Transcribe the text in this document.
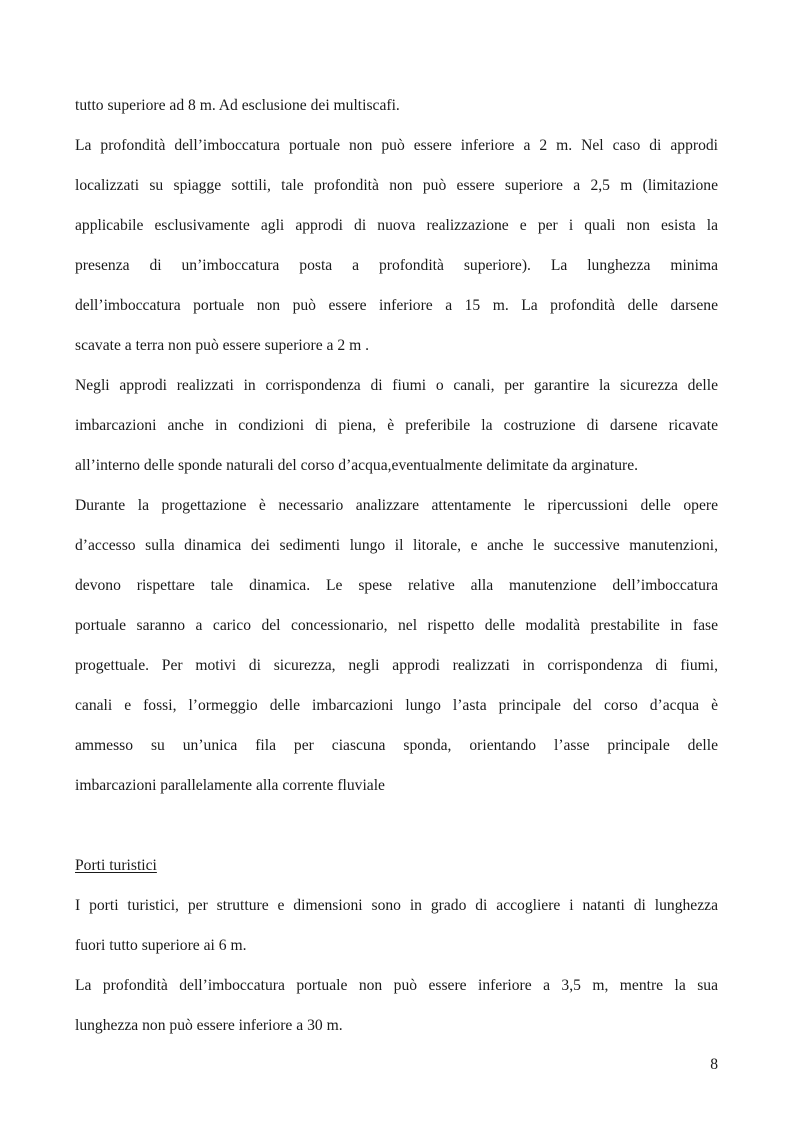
tutto superiore ad 8 m. Ad esclusione dei multiscafi.
La profondità dell’imboccatura portuale non può essere inferiore a 2 m. Nel caso di approdi
localizzati su spiagge sottili, tale profondità non può essere superiore a 2,5 m (limitazione
applicabile esclusivamente agli approdi di nuova realizzazione e per i quali non esista la
presenza di un’imboccatura posta a profondità superiore). La lunghezza minima
dell’imboccatura portuale non può essere inferiore a 15 m. La profondità delle darsene
scavate a terra non può essere superiore a 2 m .
Negli approdi realizzati in corrispondenza di fiumi o canali, per garantire la sicurezza delle
imbarcazioni anche in condizioni di piena, è preferibile la costruzione di darsene ricavate
all’interno delle sponde naturali del corso d’acqua,eventualmente delimitate da arginature.
Durante la progettazione è necessario analizzare attentamente le ripercussioni delle opere
d’accesso sulla dinamica dei sedimenti lungo il litorale, e anche le successive manutenzioni,
devono rispettare tale dinamica. Le spese relative alla manutenzione dell’imboccatura
portuale saranno a carico del concessionario, nel rispetto delle modalità prestabilite in fase
progettuale. Per motivi di sicurezza, negli approdi realizzati in corrispondenza di fiumi,
canali e fossi, l’ormeggio delle imbarcazioni lungo l’asta principale del corso d’acqua è
ammesso su un’unica fila per ciascuna sponda, orientando l’asse principale delle
imbarcazioni parallelamente alla corrente fluviale
Porti turistici
I porti turistici, per strutture e dimensioni sono in grado di accogliere i natanti di lunghezza
fuori tutto superiore ai 6 m.
La profondità dell’imboccatura portuale non può essere inferiore a 3,5 m, mentre la sua
lunghezza non può essere inferiore a 30 m.
8
